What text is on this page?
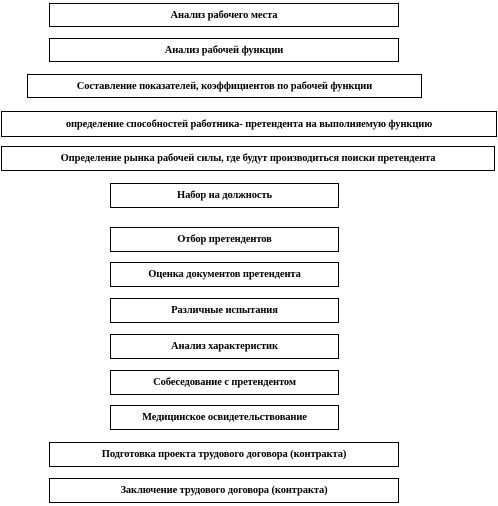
Анализ рабочего места
Анализ рабочей функции
Составление показателей, коэффициентов по рабочей функции
определение способностей работника- претендента на выполняемую функцию
Определение рынка рабочей силы, где будут производиться поиски претендента
Набор на должность
Отбор претендентов
Оценка документов претендента
Различные испытания
Анализ характеристик
Собеседование с претендентом
Медицинское освидетельствование
Подготовка проекта трудового договора (контракта)
Заключение трудового договора (контракта)
